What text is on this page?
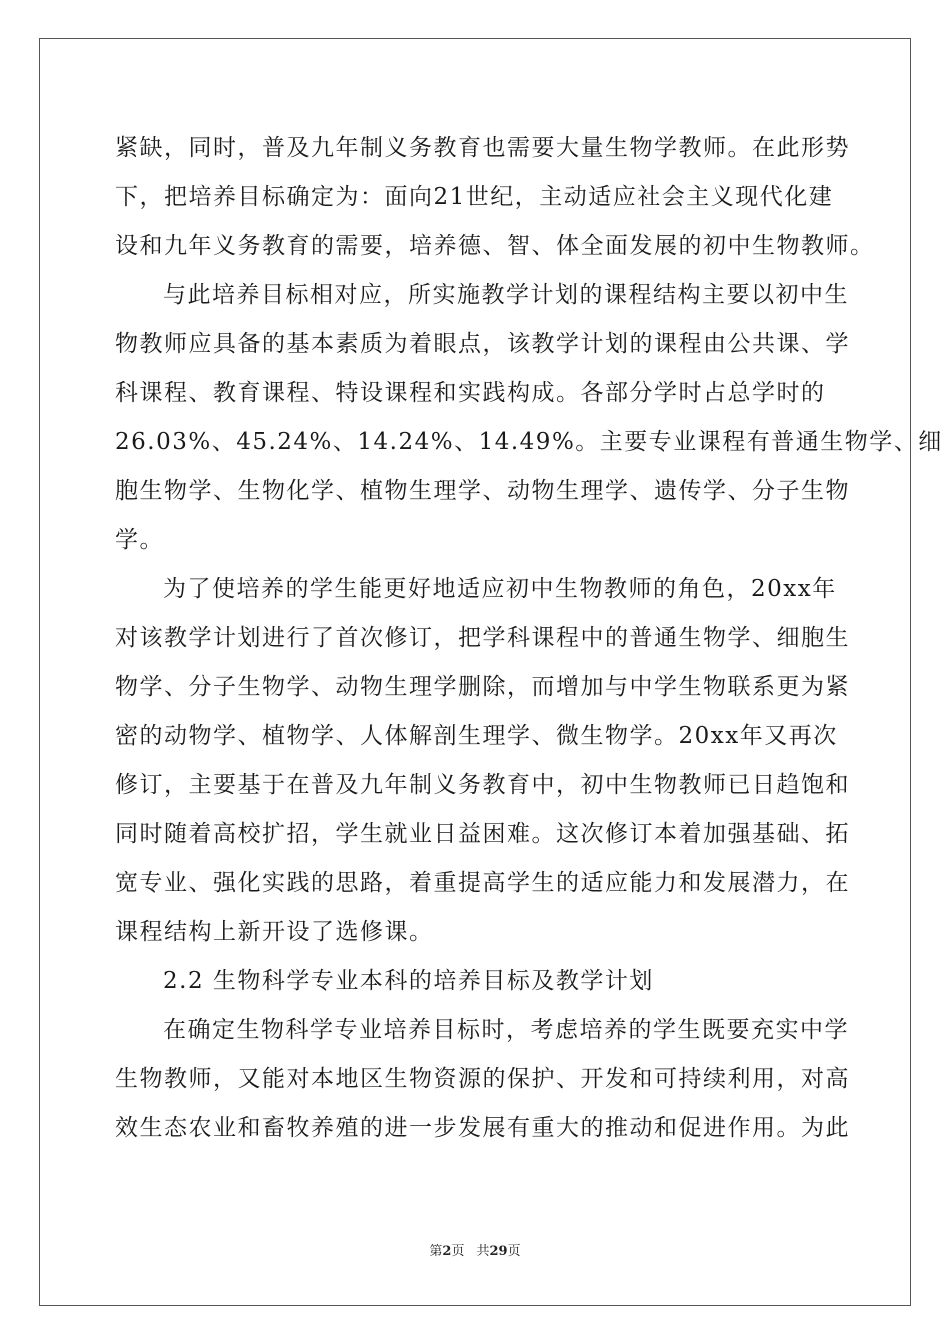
紧缺，同时，普及九年制义务教育也需要大量生物学教师。在此形势
下，把培养目标确定为：面向21世纪，主动适应社会主义现代化建
设和九年义务教育的需要，培养德、智、体全面发展的初中生物教师。
与此培养目标相对应，所实施教学计划的课程结构主要以初中生
物教师应具备的基本素质为着眼点，该教学计划的课程由公共课、学
科课程、教育课程、特设课程和实践构成。各部分学时占总学时的
26.03%、45.24%、14.24%、14.49%。主要专业课程有普通生物学、细
胞生物学、生物化学、植物生理学、动物生理学、遗传学、分子生物
学。
为了使培养的学生能更好地适应初中生物教师的角色，20xx年
对该教学计划进行了首次修订，把学科课程中的普通生物学、细胞生
物学、分子生物学、动物生理学删除，而增加与中学生物联系更为紧
密的动物学、植物学、人体解剖生理学、微生物学。20xx年又再次
修订，主要基于在普及九年制义务教育中，初中生物教师已日趋饱和
同时随着高校扩招，学生就业日益困难。这次修订本着加强基础、拓
宽专业、强化实践的思路，着重提高学生的适应能力和发展潜力，在
课程结构上新开设了选修课。
2.2 生物科学专业本科的培养目标及教学计划
在确定生物科学专业培养目标时，考虑培养的学生既要充实中学
生物教师，又能对本地区生物资源的保护、开发和可持续利用，对高
效生态农业和畜牧养殖的进一步发展有重大的推动和促进作用。为此
第2页 共29页
